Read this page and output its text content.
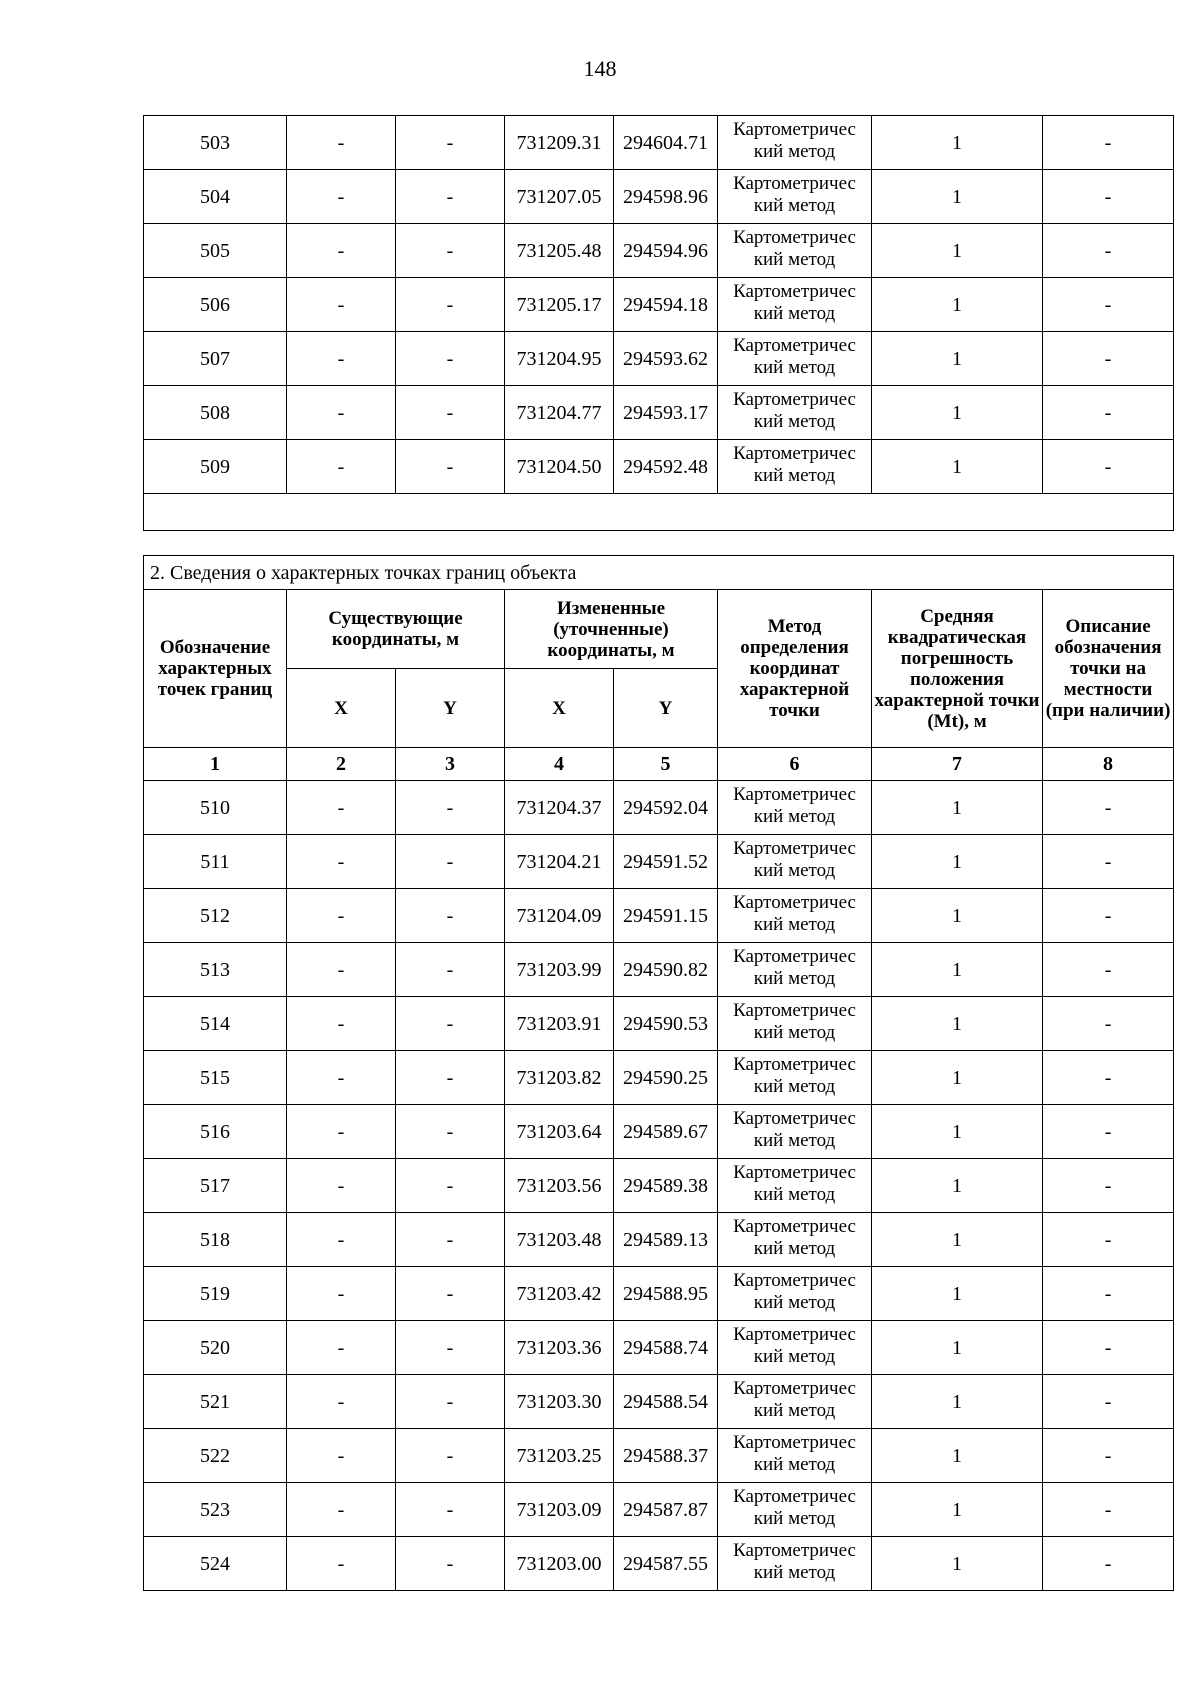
148
503	-	-	731209.31	294604.71	Картометричес кий метод	1	-
504	-	-	731207.05	294598.96	Картометричес кий метод	1	-
505	-	-	731205.48	294594.96	Картометричес кий метод	1	-
506	-	-	731205.17	294594.18	Картометричес кий метод	1	-
507	-	-	731204.95	294593.62	Картометричес кий метод	1	-
508	-	-	731204.77	294593.17	Картометричес кий метод	1	-
509	-	-	731204.50	294592.48	Картометричес кий метод	1	-

2. Сведения о характерных точках границ объекта							
Обозначение характерных точек границ	Существующие координаты, м		Измененные (уточненные) координаты, м		Метод определения координат характерной точки	Средняя квадратическая погрешность положения характерной точки (Mt), м	Описание обозначения точки на местности (при наличии)
	X	Y	X	Y			
1	2	3	4	5	6	7	8
510	-	-	731204.37	294592.04	Картометричес кий метод	1	-
511	-	-	731204.21	294591.52	Картометричес кий метод	1	-
512	-	-	731204.09	294591.15	Картометричес кий метод	1	-
513	-	-	731203.99	294590.82	Картометричес кий метод	1	-
514	-	-	731203.91	294590.53	Картометричес кий метод	1	-
515	-	-	731203.82	294590.25	Картометричес кий метод	1	-
516	-	-	731203.64	294589.67	Картометричес кий метод	1	-
517	-	-	731203.56	294589.38	Картометричес кий метод	1	-
518	-	-	731203.48	294589.13	Картометричес кий метод	1	-
519	-	-	731203.42	294588.95	Картометричес кий метод	1	-
520	-	-	731203.36	294588.74	Картометричес кий метод	1	-
521	-	-	731203.30	294588.54	Картометричес кий метод	1	-
522	-	-	731203.25	294588.37	Картометричес кий метод	1	-
523	-	-	731203.09	294587.87	Картометричес кий метод	1	-
524	-	-	731203.00	294587.55	Картометричес кий метод	1	-
